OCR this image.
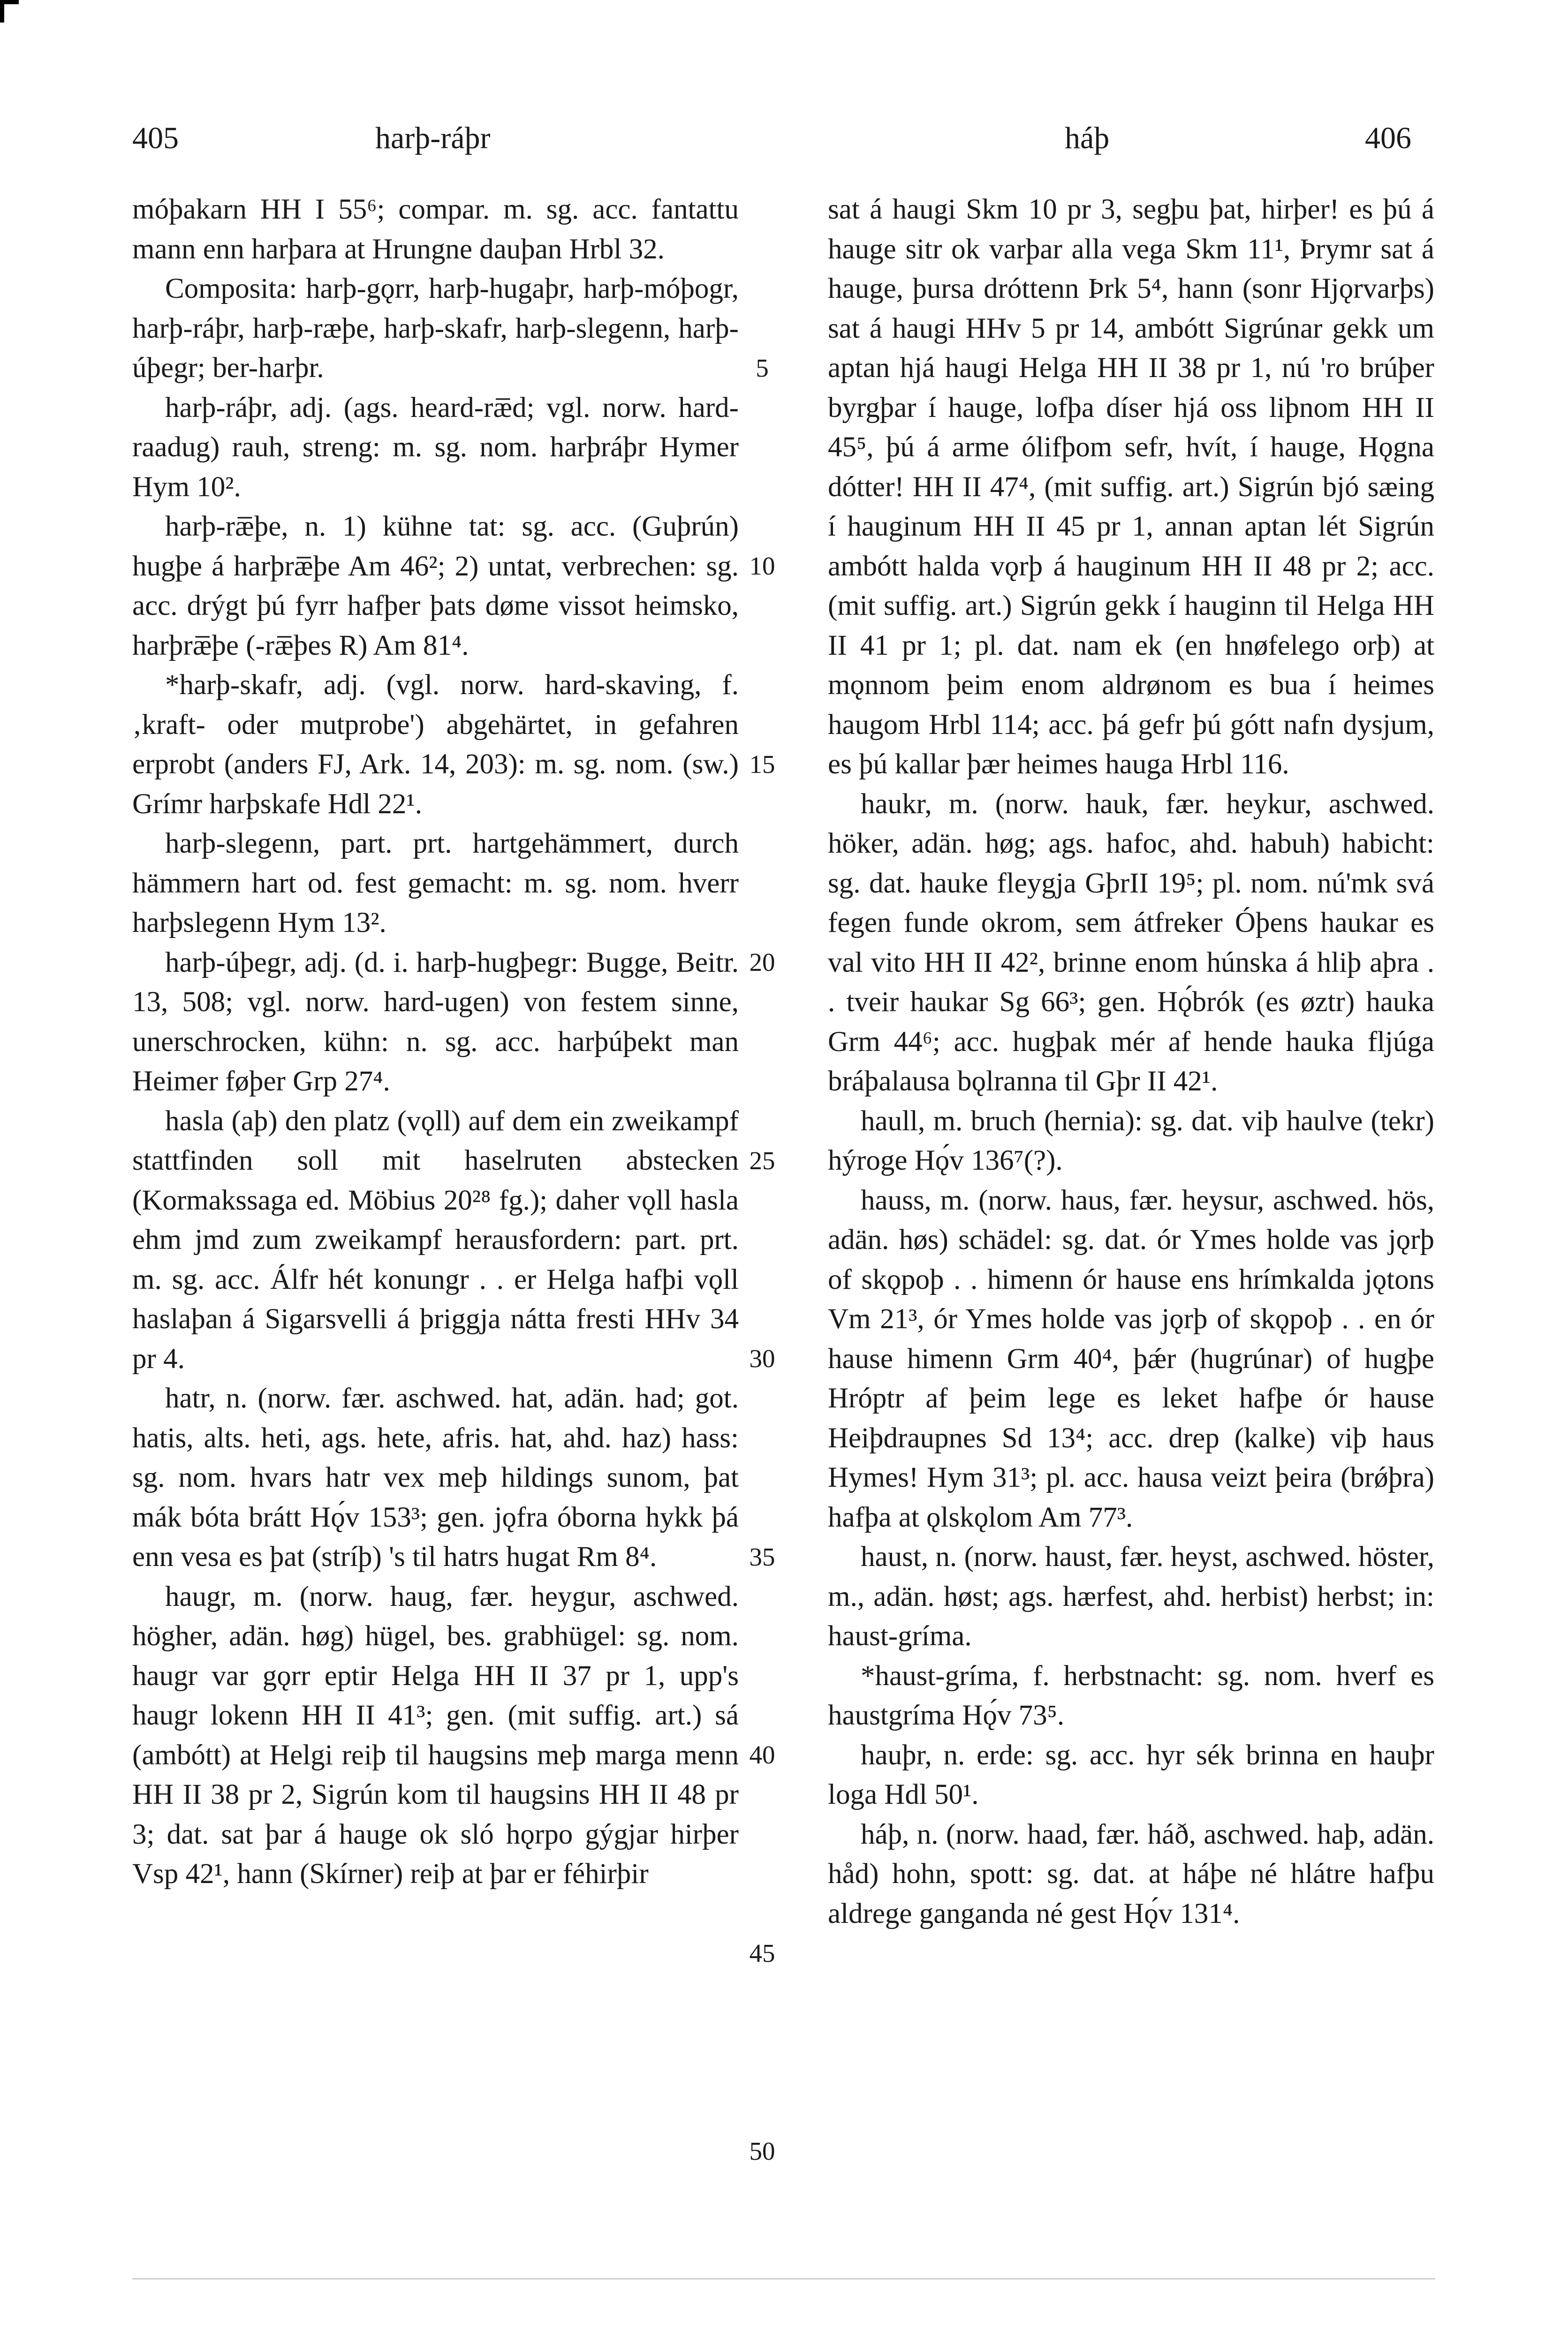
405	harþ-ráþr	háþ	406

móþakarn HH I 55⁶; compar. m. sg. acc. fantattu mann enn harþara at Hrungne dauþan Hrbl 32.

Composita: harþ-gǫrr, harþ-hugaþr, harþ-móþogr, harþ-ráþr, harþ-ræþe, harþ-skafr, harþ-slegenn, harþ-úþegr; ber-harþr.

harþ-ráþr, adj. (ags. heard-ræ̅d; vgl. norw. hard-raadug) rauh, streng: m. sg. nom. harþráþr Hymer Hym 10².

harþ-ræ̅þe, n. 1) kühne tat: sg. acc. (Guþrún) hugþe á harþræ̅þe Am 46²; 2) untat, verbrechen: sg. acc. drýgt þú fyrr hafþer þats døme vissot heimsko, harþræ̅þe (-ræ̅þes R) Am 81⁴.

*harþ-skafr, adj. (vgl. norw. hard-skaving, f. ‚kraft- oder mutprobe') abgehärtet, in gefahren erprobt (anders FJ, Ark. 14, 203): m. sg. nom. (sw.) Grímr harþskafe Hdl 22¹.

harþ-slegenn, part. prt. hartgehämmert, durch hämmern hart od. fest gemacht: m. sg. nom. hverr harþslegenn Hym 13².

harþ-úþegr, adj. (d. i. harþ-hugþegr: Bugge, Beitr. 13, 508; vgl. norw. hard-ugen) von festem sinne, unerschrocken, kühn: n. sg. acc. harþúþekt man Heimer føþer Grp 27⁴.

hasla (aþ) den platz (vǫll) auf dem ein zweikampf stattfinden soll mit haselruten abstecken (Kormakssaga ed. Möbius 20²⁸ fg.); daher vǫll hasla ehm jmd zum zweikampf herausfordern: part. prt. m. sg. acc. Álfr hét konungr . . er Helga hafþi vǫll haslaþan á Sigarsvelli á þriggja nátta fresti HHv 34 pr 4.

hatr, n. (norw. fær. aschwed. hat, adän. had; got. hatis, alts. heti, ags. hete, afris. hat, ahd. haz) hass: sg. nom. hvars hatr vex meþ hildings sunom, þat mák bóta brátt Hǫ́v 153³; gen. jǫfra óborna hykk þá enn vesa es þat (stríþ) 's til hatrs hugat Rm 8⁴.

haugr, m. (norw. haug, fær. heygur, aschwed. högher, adän. høg) hügel, bes. grabhügel: sg. nom. haugr var gǫrr eptir Helga HH II 37 pr 1, upp's haugr lokenn HH II 41³; gen. (mit suffig. art.) sá (ambótt) at Helgi reiþ til haugsins meþ marga menn HH II 38 pr 2, Sigrún kom til haugsins HH II 48 pr 3; dat. sat þar á hauge ok sló hǫrpo gýgjar hirþer Vsp 42¹, hann (Skírner) reiþ at þar er féhirþir

5
10
15
20
25
30
35
40
45
50

sat á haugi Skm 10 pr 3, segþu þat, hirþer! es þú á hauge sitr ok varþar alla vega Skm 11¹, Þrymr sat á hauge, þursa dróttenn Þrk 5⁴, hann (sonr Hjǫrvarþs) sat á haugi HHv 5 pr 14, ambótt Sigrúnar gekk um aptan hjá haugi Helga HH II 38 pr 1, nú 'ro brúþer byrgþar í hauge, lofþa díser hjá oss liþnom HH II 45⁵, þú á arme ólifþom sefr, hvít, í hauge, Hǫgna dótter! HH II 47⁴, (mit suffig. art.) Sigrún bjó sæing í hauginum HH II 45 pr 1, annan aptan lét Sigrún ambótt halda vǫrþ á hauginum HH II 48 pr 2; acc. (mit suffig. art.) Sigrún gekk í hauginn til Helga HH II 41 pr 1; pl. dat. nam ek (en hnøfelego orþ) at mǫnnom þeim enom aldrønom es bua í heimes haugom Hrbl 114; acc. þá gefr þú gótt nafn dysjum, es þú kallar þær heimes hauga Hrbl 116.

haukr, m. (norw. hauk, fær. heykur, aschwed. höker, adän. høg; ags. hafoc, ahd. habuh) habicht: sg. dat. hauke fleygja GþrII 19⁵; pl. nom. nú'mk svá fegen funde okrom, sem átfreker Óþens haukar es val vito HH II 42², brinne enom húnska á hliþ aþra . . tveir haukar Sg 66³; gen. Hǫ́brók (es øztr) hauka Grm 44⁶; acc. hugþak mér af hende hauka fljúga bráþalausa bǫlranna til Gþr II 42¹.

haull, m. bruch (hernia): sg. dat. viþ haulve (tekr) hýroge Hǫ́v 136⁷(?).

hauss, m. (norw. haus, fær. heysur, aschwed. hös, adän. høs) schädel: sg. dat. ór Ymes holde vas jǫrþ of skǫpoþ . . himenn ór hause ens hrímkalda jǫtons Vm 21³, ór Ymes holde vas jǫrþ of skǫpoþ . . en ór hause himenn Grm 40⁴, þǽr (hugrúnar) of hugþe Hróptr af þeim lege es leket hafþe ór hause Heiþdraupnes Sd 13⁴; acc. drep (kalke) viþ haus Hymes! Hym 31³; pl. acc. hausa veizt þeira (brǿþra) hafþa at ǫlskǫlom Am 77³.

haust, n. (norw. haust, fær. heyst, aschwed. höster, m., adän. høst; ags. hærfest, ahd. herbist) herbst; in: haust-gríma.

*haust-gríma, f. herbstnacht: sg. nom. hverf es haustgríma Hǫ́v 73⁵.

hauþr, n. erde: sg. acc. hyr sék brinna en hauþr loga Hdl 50¹.

háþ, n. (norw. haad, fær. háð, aschwed. haþ, adän. håd) hohn, spott: sg. dat. at háþe né hlátre hafþu aldrege ganganda né gest Hǫ́v 131⁴.
